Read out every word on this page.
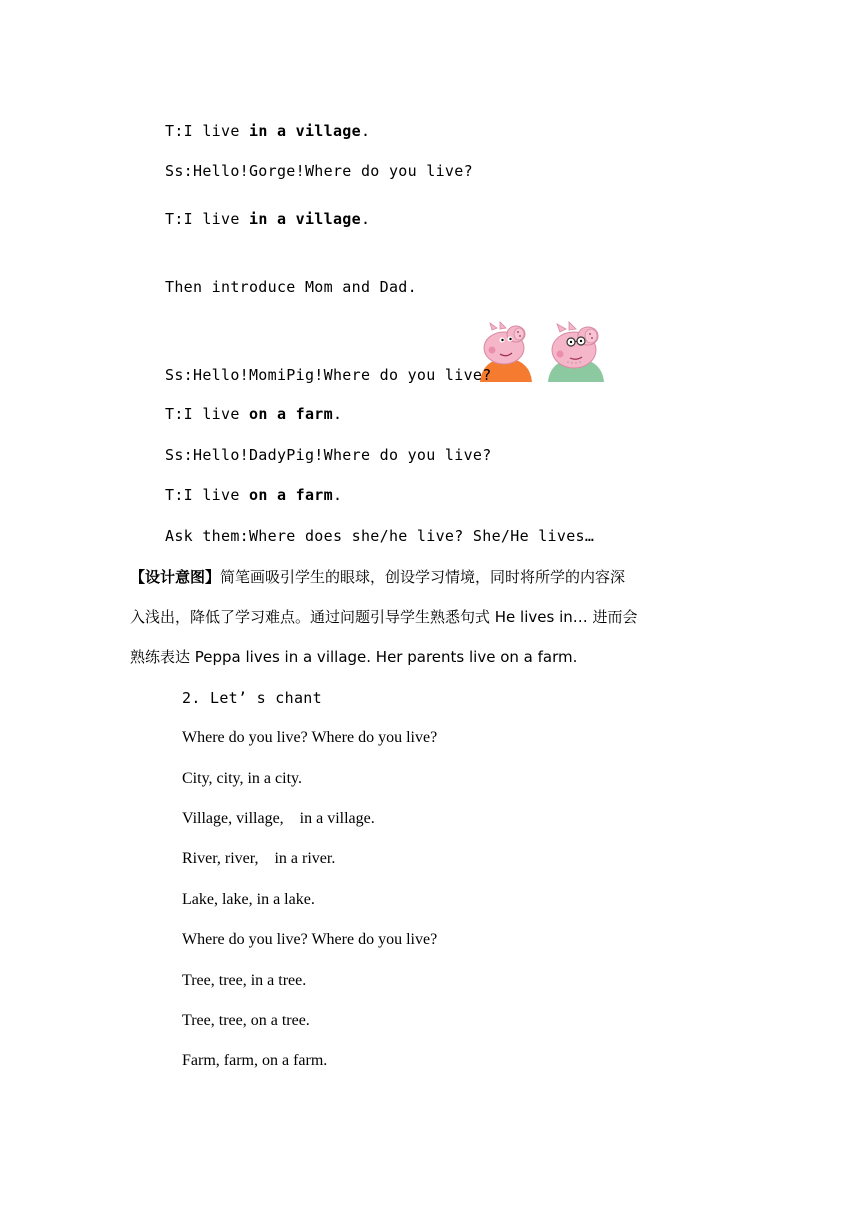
T:I live in a village.
Ss:Hello!Gorge!Where do you live?
T:I live in a village.
Then introduce Mom and Dad.
Ss:Hello!MomiPig!Where do you live?
T:I live on a farm.
Ss:Hello!DadyPig!Where do you live?
T:I live on a farm.
Ask them:Where does she/he live? She/He lives…
【设计意图】简笔画吸引学生的眼球，创设学习情境，同时将所学的内容深
入浅出，降低了学习难点。通过问题引导学生熟悉句式 He lives in… 进而会
熟练表达 Peppa lives in a village. Her parents live on a farm.
2. Let’ s chant
Where do you live? Where do you live?
City, city, in a city.
Village, village,　in a village.
River, river,　in a river.
Lake, lake, in a lake.
Where do you live? Where do you live?
Tree, tree, in a tree.
Tree, tree, on a tree.
Farm, farm, on a farm.
